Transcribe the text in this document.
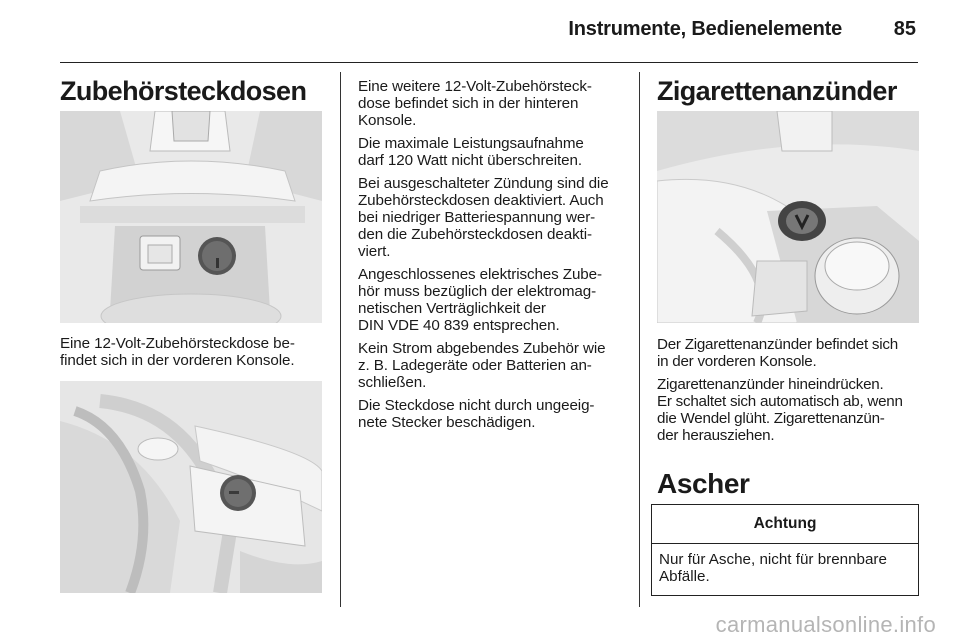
Instrumente, Bedienelemente	85
Zubehörsteckdosen
Eine 12-Volt-Zubehörsteckdose be-
findet sich in der vorderen Konsole.
Eine weitere 12-Volt-Zubehörsteck-
dose befindet sich in der hinteren
Konsole.
Die maximale Leistungsaufnahme
darf 120 Watt nicht überschreiten.
Bei ausgeschalteter Zündung sind die
Zubehörsteckdosen deaktiviert. Auch
bei niedriger Batteriespannung wer-
den die Zubehörsteckdosen deakti-
viert.
Angeschlossenes elektrisches Zube-
hör muss bezüglich der elektromag-
netischen Verträglichkeit der
DIN VDE 40 839 entsprechen.
Kein Strom abgebendes Zubehör wie
z. B. Ladegeräte oder Batterien an-
schließen.
Die Steckdose nicht durch ungeeig-
nete Stecker beschädigen.
Zigarettenanzünder
Der Zigarettenanzünder befindet sich
in der vorderen Konsole.
Zigarettenanzünder hineindrücken.
Er schaltet sich automatisch ab, wenn
die Wendel glüht. Zigarettenanzün-
der herausziehen.
Ascher
Achtung
Nur für Asche, nicht für brennbare
Abfälle.
carmanualsonline.info
